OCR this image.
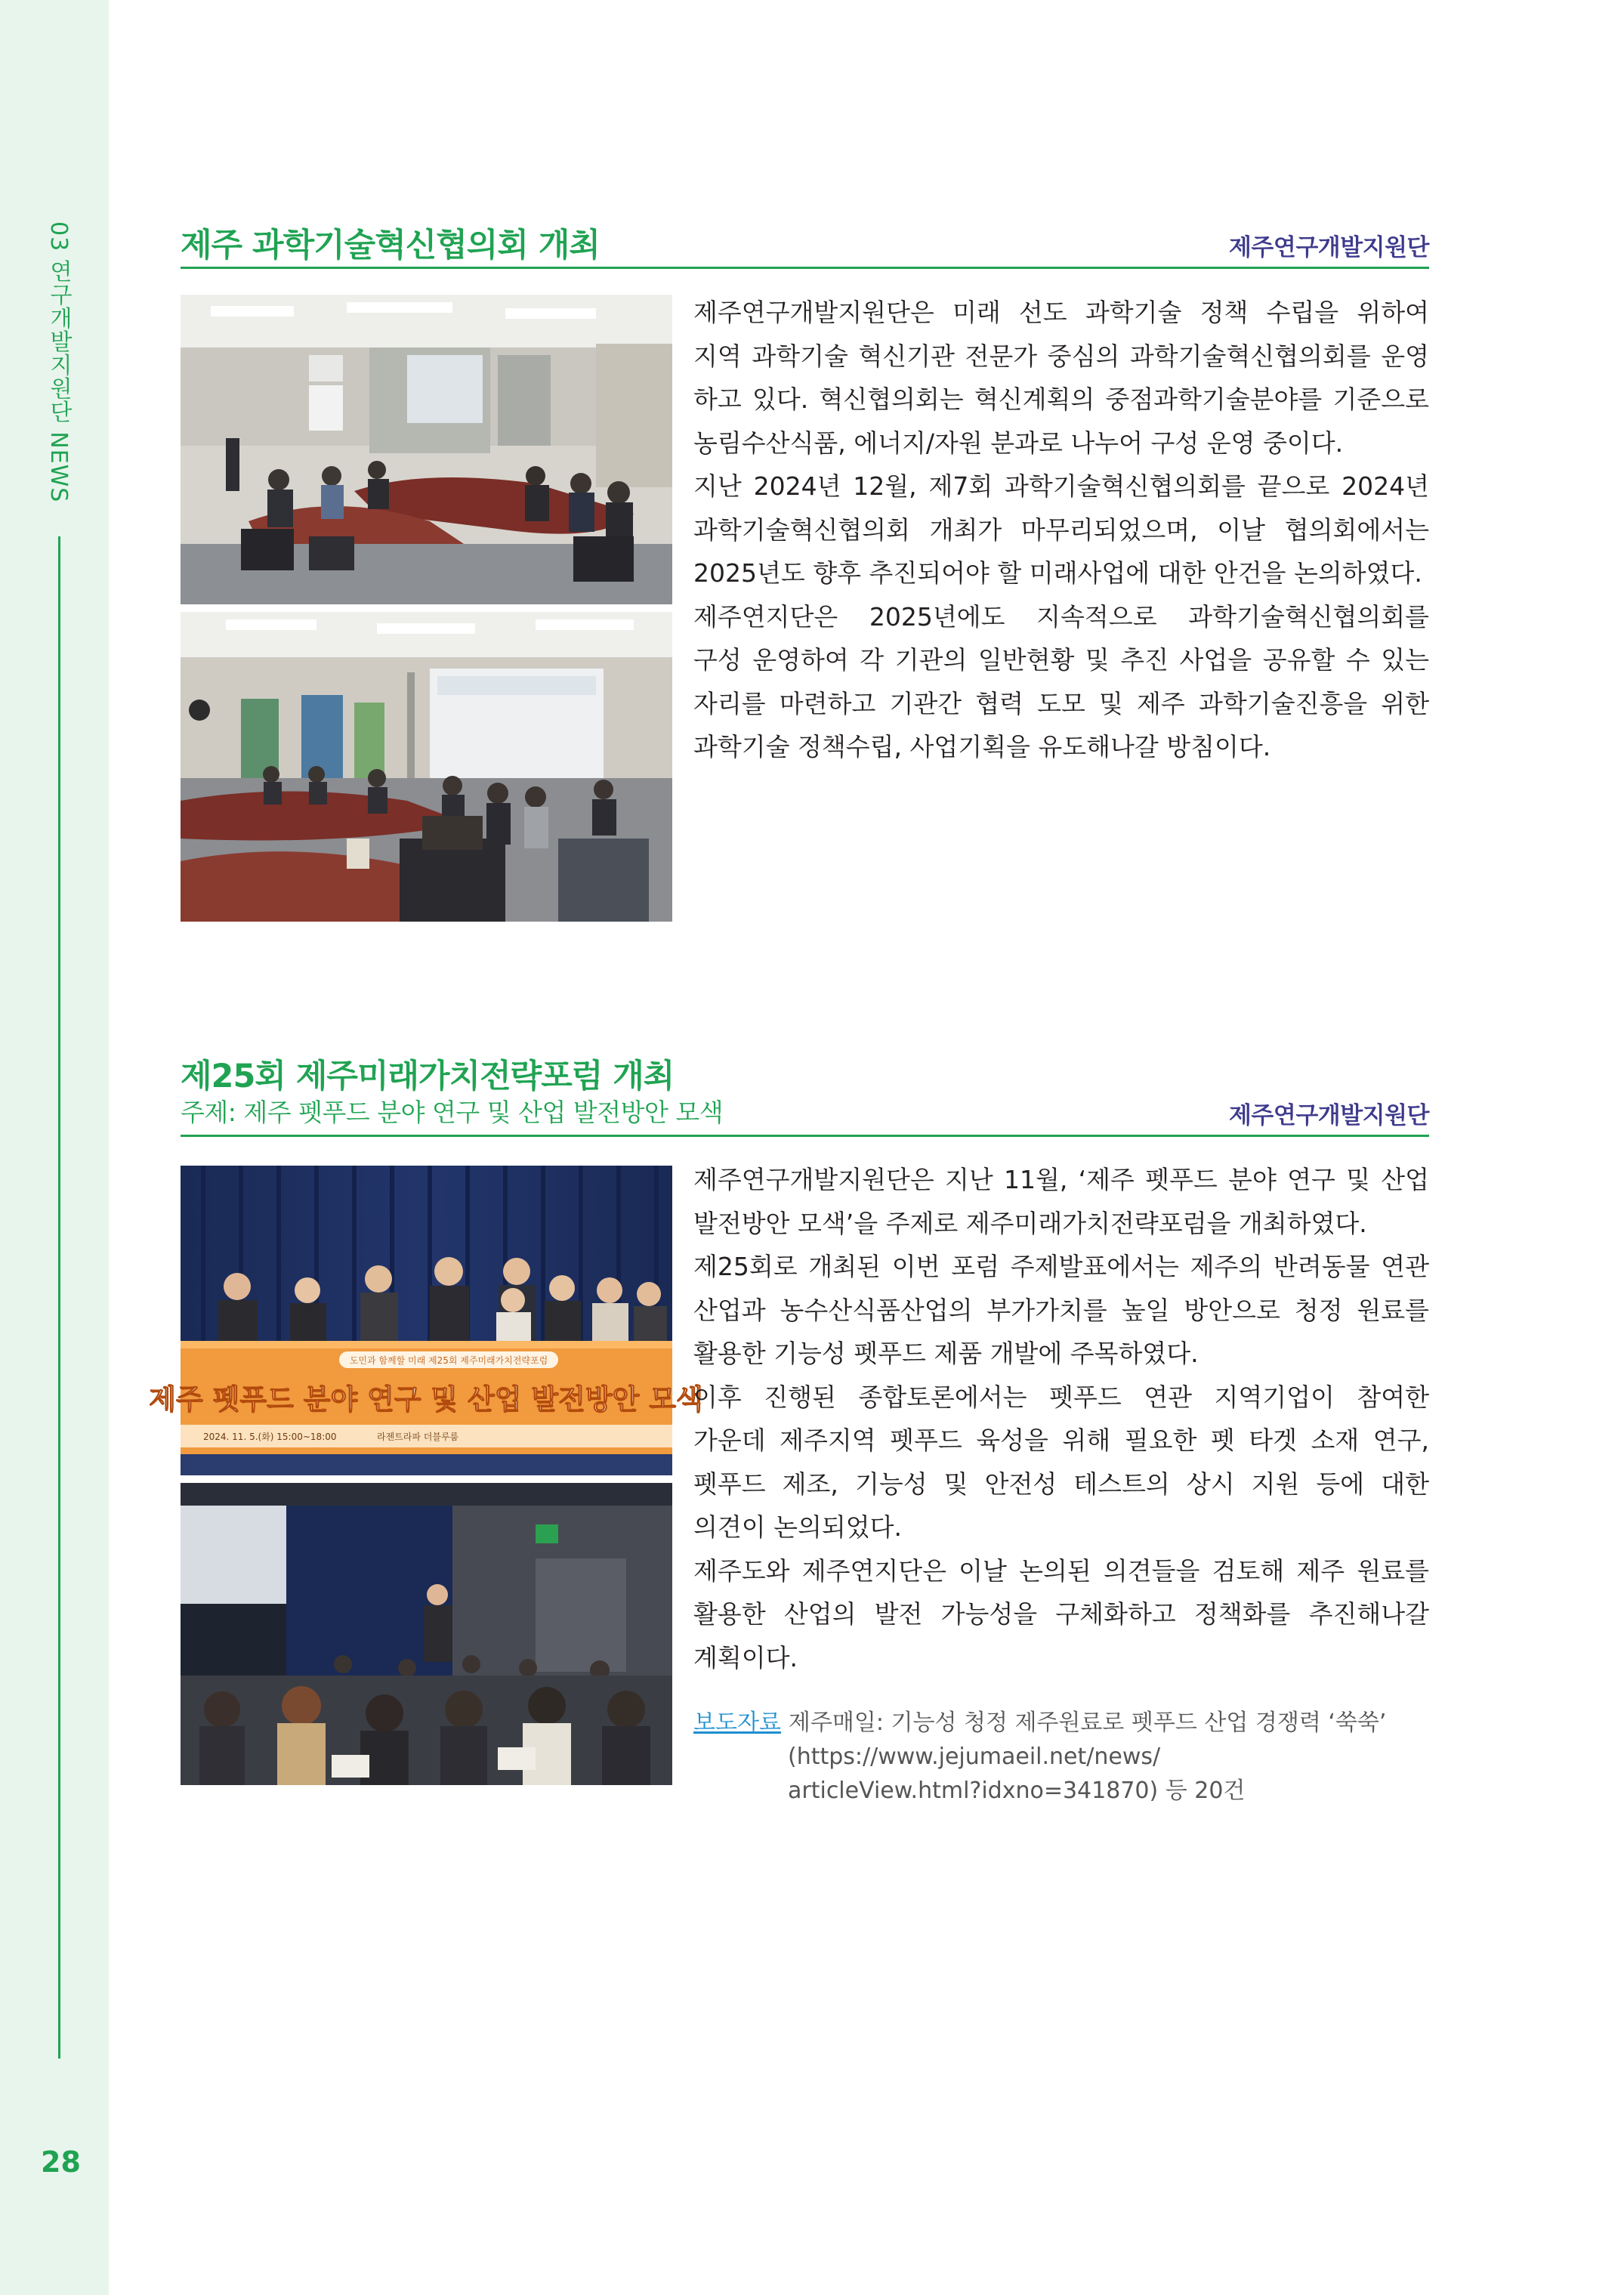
03 연구개발지원단 NEWS
28
제주 과학기술혁신협의회 개최	제주연구개발지원단

제주연구개발지원단은 미래 선도 과학기술 정책 수립을 위하여

지역 과학기술 혁신기관 전문가 중심의 과학기술혁신협의회를 운영

하고 있다. 혁신협의회는 혁신계획의 중점과학기술분야를 기준으로

농림수산식품, 에너지/자원 분과로 나누어 구성 운영 중이다.

지난 2024년 12월, 제7회 과학기술혁신협의회를 끝으로 2024년

과학기술혁신협의회 개최가 마무리되었으며, 이날 협의회에서는

2025년도 향후 추진되어야 할 미래사업에 대한 안건을 논의하였다.

제주연지단은 2025년에도 지속적으로 과학기술혁신협의회를

구성 운영하여 각 기관의 일반현황 및 추진 사업을 공유할 수 있는

자리를 마련하고 기관간 협력 도모 및 제주 과학기술진흥을 위한

과학기술 정책수립, 사업기획을 유도해나갈 방침이다.

제25회 제주미래가치전략포럼 개최
주제: 제주 펫푸드 분야 연구 및 산업 발전방안 모색	제주연구개발지원단
도민과 함께할 미래 제25회 제주미래가치전략포럼
제주 펫푸드 분야 연구 및 산업 발전방안 모색
2024. 11. 5.(화) 15:00~18:00	라젠트라파 더블루룸

제주연구개발지원단은 지난 11월, ‘제주 펫푸드 분야 연구 및 산업

발전방안 모색’을 주제로 제주미래가치전략포럼을 개최하였다.

제25회로 개최된 이번 포럼 주제발표에서는 제주의 반려동물 연관

산업과 농수산식품산업의 부가가치를 높일 방안으로 청정 원료를

활용한 기능성 펫푸드 제품 개발에 주목하였다.

이후 진행된 종합토론에서는 펫푸드 연관 지역기업이 참여한

가운데 제주지역 펫푸드 육성을 위해 필요한 펫 타겟 소재 연구,

펫푸드 제조, 기능성 및 안전성 테스트의 상시 지원 등에 대한

의견이 논의되었다.

제주도와 제주연지단은 이날 논의된 의견들을 검토해 제주 원료를

활용한 산업의 발전 가능성을 구체화하고 정책화를 추진해나갈

계획이다.

보도자료 제주매일: 기능성 청정 제주원료로 펫푸드 산업 경쟁력 ‘쑥쑥’
(https://www.jejumaeil.net/news/
articleView.html?idxno=341870) 등 20건
